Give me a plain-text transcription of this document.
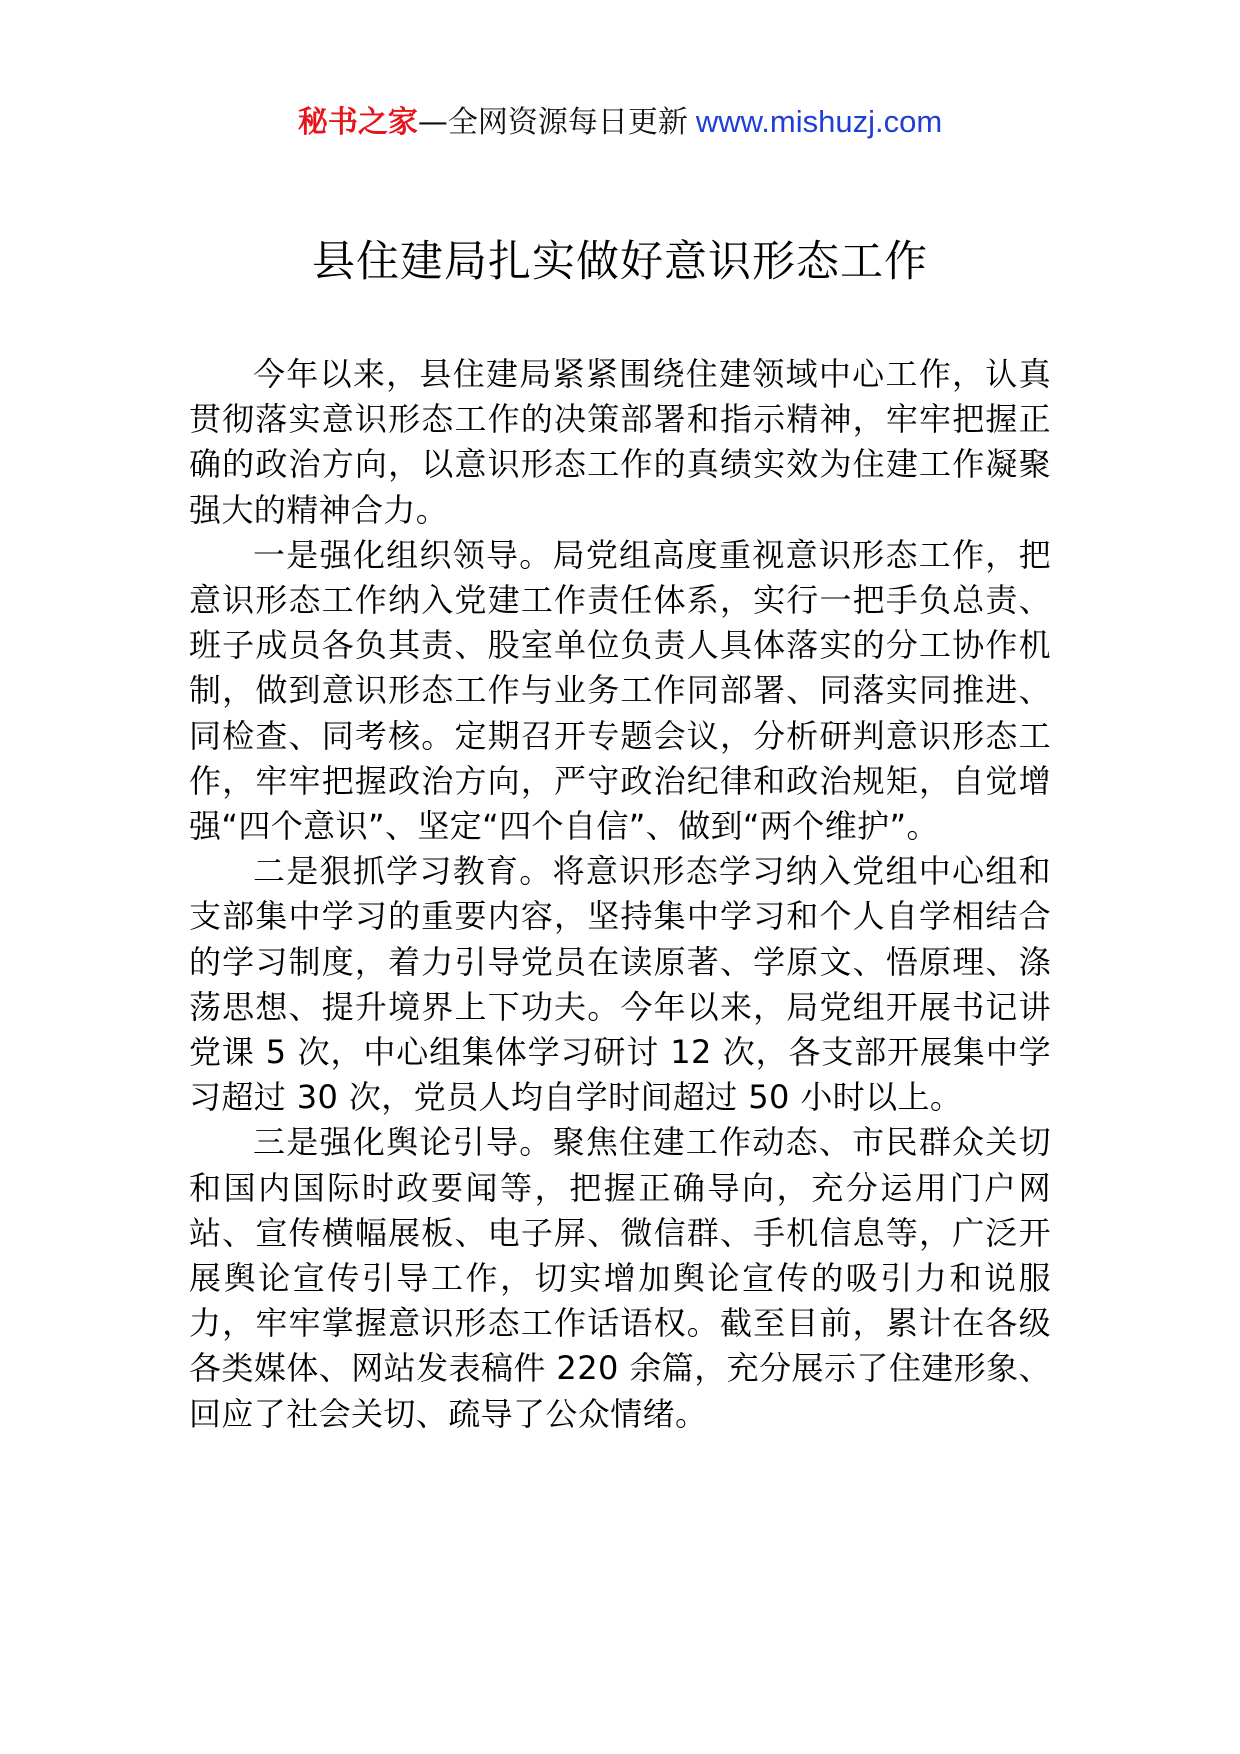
秘书之家—全网资源每日更新 www.mishuzj.com
县住建局扎实做好意识形态工作

今年以来，县住建局紧紧围绕住建领域中心工作，认真贯彻落实意识形态工作的决策部署和指示精神，牢牢把握正确的政治方向，以意识形态工作的真绩实效为住建工作凝聚强大的精神合力。

一是强化组织领导。局党组高度重视意识形态工作，把意识形态工作纳入党建工作责任体系，实行一把手负总责、班子成员各负其责、股室单位负责人具体落实的分工协作机制，做到意识形态工作与业务工作同部署、同落实同推进、同检查、同考核。定期召开专题会议，分析研判意识形态工作，牢牢把握政治方向，严守政治纪律和政治规矩，自觉增强“四个意识”、坚定“四个自信”、做到“两个维护”。

二是狠抓学习教育。将意识形态学习纳入党组中心组和支部集中学习的重要内容，坚持集中学习和个人自学相结合的学习制度，着力引导党员在读原著、学原文、悟原理、涤荡思想、提升境界上下功夫。今年以来，局党组开展书记讲党课 5 次，中心组集体学习研讨 12 次，各支部开展集中学习超过 30 次，党员人均自学时间超过 50 小时以上。

三是强化舆论引导。聚焦住建工作动态、市民群众关切和国内国际时政要闻等，把握正确导向，充分运用门户网站、宣传横幅展板、电子屏、微信群、手机信息等，广泛开展舆论宣传引导工作，切实增加舆论宣传的吸引力和说服力，牢牢掌握意识形态工作话语权。截至目前，累计在各级各类媒体、网站发表稿件 220 余篇，充分展示了住建形象、回应了社会关切、疏导了公众情绪。
